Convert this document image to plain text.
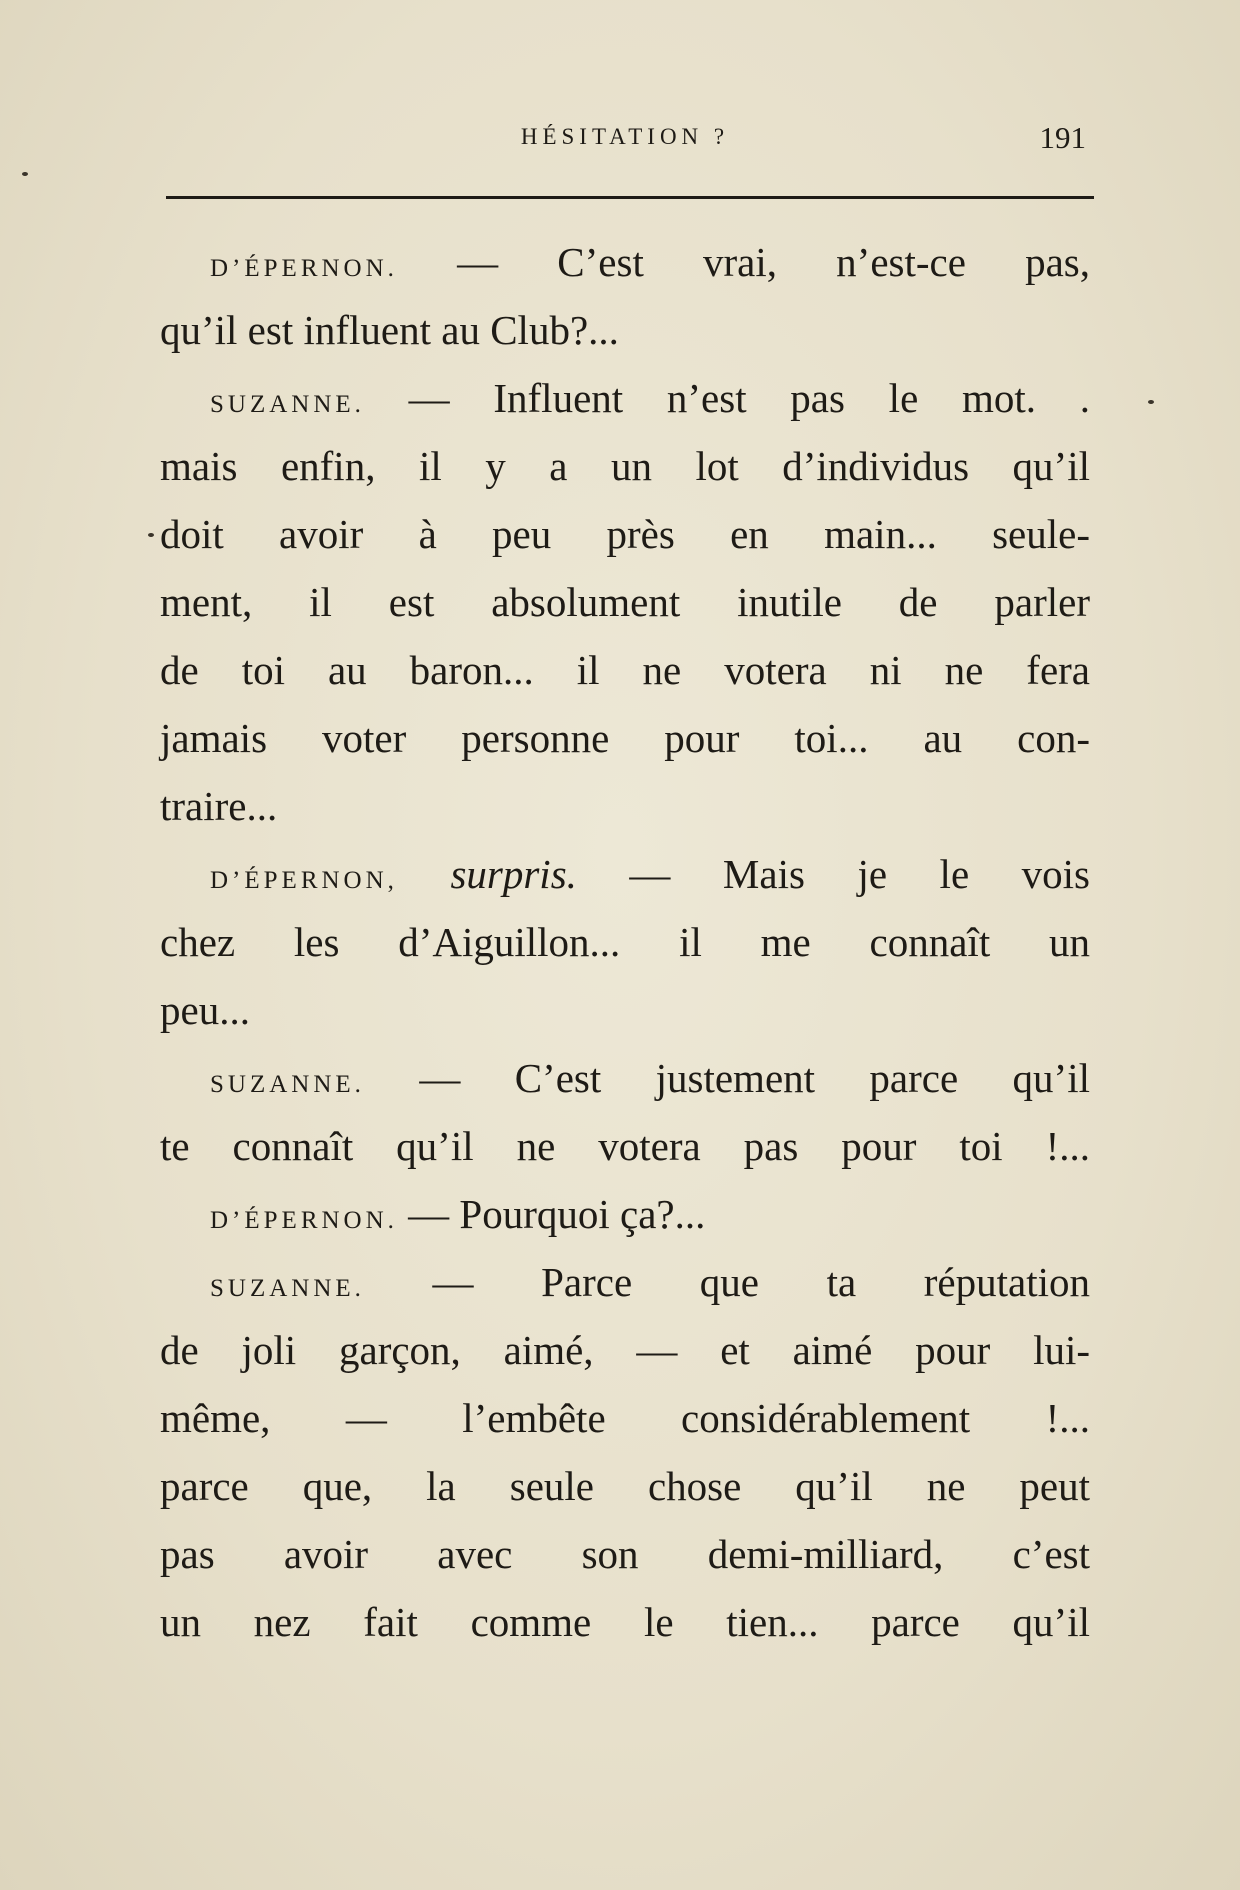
HÉSITATION ?	191
D’ÉPERNON. — C’est vrai, n’est-ce pas,
qu’il est influent au Club?...
SUZANNE. — Influent n’est pas le mot. .
mais enfin, il y a un lot d’individus qu’il
doit avoir à peu près en main... seule-
ment, il est absolument inutile de parler
de toi au baron... il ne votera ni ne fera
jamais voter personne pour toi... au con-
traire...
D’ÉPERNON, surpris. — Mais je le vois
chez les d’Aiguillon... il me connaît un
peu...
SUZANNE. — C’est justement parce qu’il
te connaît qu’il ne votera pas pour toi !...
D’ÉPERNON. — Pourquoi ça?...
SUZANNE. — Parce que ta réputation
de joli garçon, aimé, — et aimé pour lui-
même, — l’embête considérablement !...
parce que, la seule chose qu’il ne peut
pas avoir avec son demi-milliard, c’est
un nez fait comme le tien... parce qu’il
